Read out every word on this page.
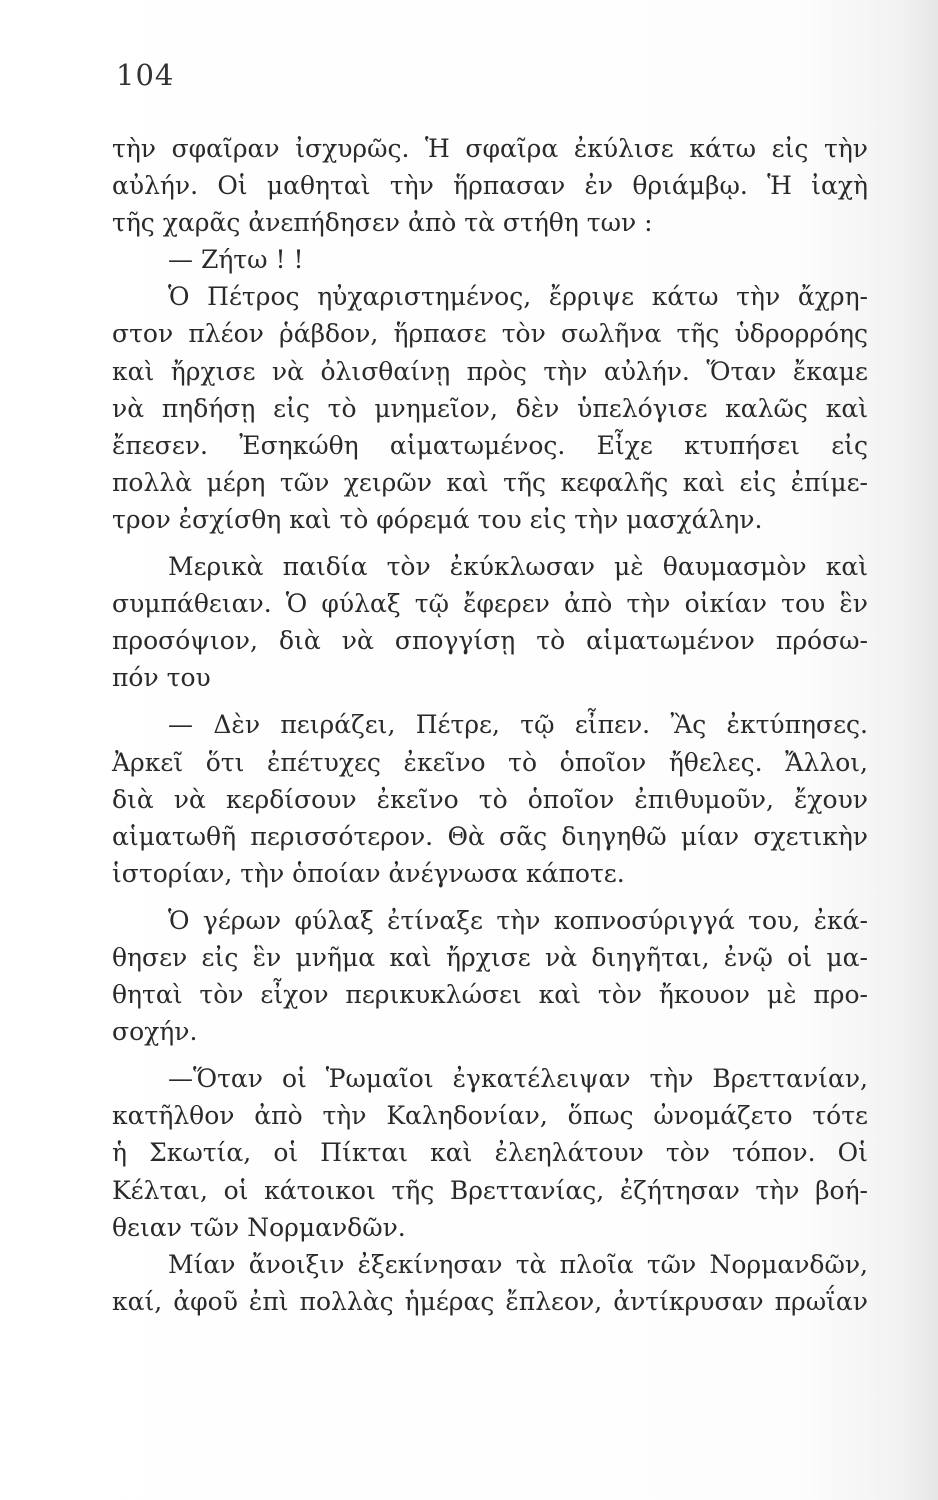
104
τὴν σφαῖραν ἰσχυρῶς. Ἡ σφαῖρα ἐκύλισε κάτω εἰς τὴν
αὐλήν. Οἱ μαθηταὶ τὴν ἥρπασαν ἐν θριάμβῳ. Ἡ ἰαχὴ
τῆς χαρᾶς ἀνεπήδησεν ἀπὸ τὰ στήθη των :
— Ζήτω ! !
Ὁ Πέτρος ηὐχαριστημένος, ἔρριψε κάτω τὴν ἄχρη-
στον πλέον ῥάβδον, ἥρπασε τὸν σωλῆνα τῆς ὑδρορρόης
καὶ ἤρχισε νὰ ὀλισθαίνῃ πρὸς τὴν αὐλήν. Ὅταν ἔκαμε
νὰ πηδήσῃ εἰς τὸ μνημεῖον, δὲν ὑπελόγισε καλῶς καὶ
ἔπεσεν. Ἐσηκώθη αἱματωμένος. Εἶχε κτυπήσει εἰς
πολλὰ μέρη τῶν χειρῶν καὶ τῆς κεφαλῆς καὶ εἰς ἐπίμε-
τρον ἐσχίσθη καὶ τὸ φόρεμά του εἰς τὴν μασχάλην.
Μερικὰ παιδία τὸν ἐκύκλωσαν μὲ θαυμασμὸν καὶ
συμπάθειαν. Ὁ φύλαξ τῷ ἔφερεν ἀπὸ τὴν οἰκίαν του ἓν
προσόψιον, διὰ νὰ σπογγίσῃ τὸ αἱματωμένον πρόσω-
πόν του
— Δὲν πειράζει, Πέτρε, τῷ εἶπεν. Ἂς ἐκτύπησες.
Ἀρκεῖ ὅτι ἐπέτυχες ἐκεῖνο τὸ ὁποῖον ἤθελες. Ἄλλοι,
διὰ νὰ κερδίσουν ἐκεῖνο τὸ ὁποῖον ἐπιθυμοῦν, ἔχουν
αἱματωθῆ περισσότερον. Θὰ σᾶς διηγηθῶ μίαν σχετικὴν
ἱστορίαν, τὴν ὁποίαν ἀνέγνωσα κάποτε.
Ὁ γέρων φύλαξ ἐτίναξε τὴν κοπνοσύριγγά του, ἐκά-
θησεν εἰς ἓν μνῆμα καὶ ἤρχισε νὰ διηγῆται, ἐνῷ οἱ μα-
θηταὶ τὸν εἶχον περικυκλώσει καὶ τὸν ἤκουον μὲ προ-
σοχήν.
—Ὅταν οἱ Ῥωμαῖοι ἐγκατέλειψαν τὴν Βρεττανίαν,
κατῆλθον ἀπὸ τὴν Καληδονίαν, ὅπως ὠνομάζετο τότε
ἡ Σκωτία, οἱ Πίκται καὶ ἐλεηλάτουν τὸν τόπον. Οἱ
Κέλται, οἱ κάτοικοι τῆς Βρεττανίας, ἐζήτησαν τὴν βοή-
θειαν τῶν Νορμανδῶν.
Μίαν ἄνοιξιν ἐξεκίνησαν τὰ πλοῖα τῶν Νορμανδῶν,
καί, ἀφοῦ ἐπὶ πολλὰς ἡμέρας ἔπλεον, ἀντίκρυσαν πρωΐαν
